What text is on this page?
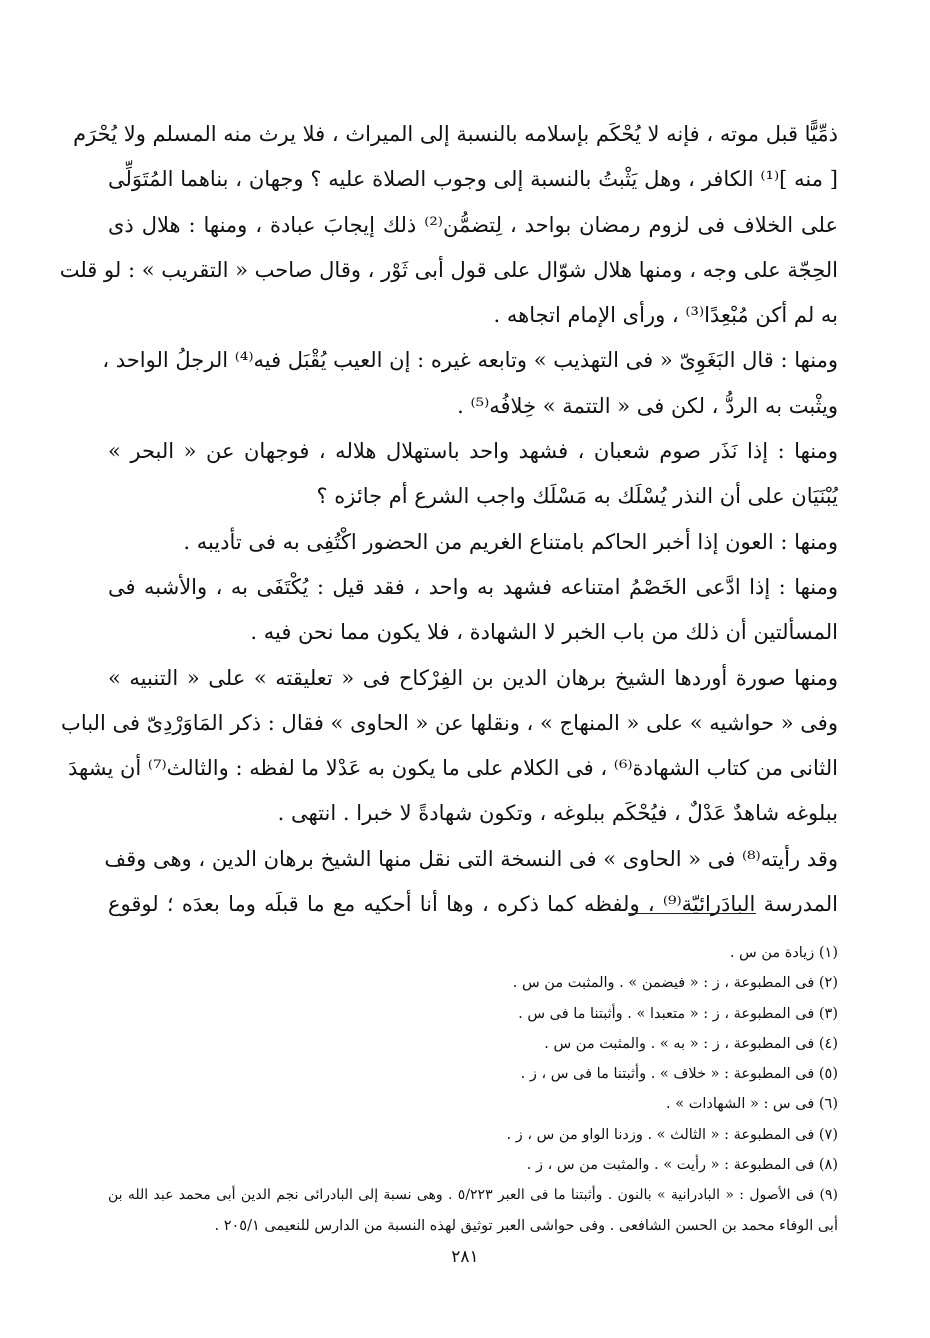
ذمِّيًّا قبل موته ، فإنه لا يُحْكَم بإسلامه بالنسبة إلى الميراث ، فلا يرث منه المسلم ولا يُحْرَم
[ منه ]⁽¹⁾ الكافر ، وهل يَثْبتُ بالنسبة إلى وجوب الصلاة عليه ؟ وجهان ، بناهما المُتَوَلِّى
على الخلاف فى لزوم رمضان بواحد ، لِتضمُّن⁽²⁾ ذلك إيجابَ عبادة ، ومنها : هلال ذى
الحِجّة على وجه ، ومنها هلال شوّال على قول أبى ثَوْر ، وقال صاحب « التقريب » : لو قلت
به لم أكن مُبْعِدًا⁽³⁾ ، ورأى الإمام اتجاهه .
ومنها : قال البَغَوِىّ « فى التهذيب » وتابعه غيره : إن العيب يُقْبَل فيه⁽⁴⁾ الرجلُ الواحد ،
ويثْبت به الردُّ ، لكن فى « التتمة » خِلافُه⁽⁵⁾ .
ومنها : إذا نَذَر صوم شعبان ، فشهد واحد باستهلال هلاله ، فوجهان عن « البحر »
يُبْنَيَان على أن النذر يُسْلَك به مَسْلَك واجب الشرع أم جائزه ؟
ومنها : العون إذا أخبر الحاكم بامتناع الغريم من الحضور اكْتُفِى به فى تأديبه .
ومنها : إذا ادَّعى الخَصْمُ امتناعه فشهد به واحد ، فقد قيل : يُكْتَفَى به ، والأشبه فى
المسألتين أن ذلك من باب الخبر لا الشهادة ، فلا يكون مما نحن فيه .
ومنها صورة أوردها الشيخ برهان الدين بن الفِرْكاح فى « تعليقته » على « التنبيه »
وفى « حواشيه » على « المنهاج » ، ونقلها عن « الحاوى » فقال : ذكر المَاوَرْدِىّ فى الباب
الثانى من كتاب الشهادة⁽⁶⁾ ، فى الكلام على ما يكون به عَدْلا ما لفظه : والثالث⁽⁷⁾ أن يشهدَ
ببلوغه شاهدٌ عَدْلٌ ، فيُحْكَم ببلوغه ، وتكون شهادةً لا خبرا . انتهى .
وقد رأيته⁽⁸⁾ فى « الحاوى » فى النسخة التى نقل منها الشيخ برهان الدين ، وهى وقف
المدرسة البادَرائيّة⁽⁹⁾ ، ولفظه كما ذكره ، وها أنا أحكيه مع ما قبلَه وما بعدَه ؛ لوقوع
(١) زيادة من س .
(٢) فى المطبوعة ، ز : « فيضمن » . والمثبت من س .
(٣) فى المطبوعة ، ز : « متعبدا » . وأثبتنا ما فى س .
(٤) فى المطبوعة ، ز : « به » . والمثبت من س .
(٥) فى المطبوعة : « خلاف » . وأثبتنا ما فى س ، ز .
(٦) فى س : « الشهادات » .
(٧) فى المطبوعة : « الثالث » . وزدنا الواو من س ، ز .
(٨) فى المطبوعة : « رأيت » . والمثبت من س ، ز .
(٩) فى الأصول : « البادرانية » بالنون . وأثبتنا ما فى العبر ٥/٢٢٣ . وهى نسبة إلى البادرائى نجم الدين أبى محمد عبد الله بن
أبى الوفاء محمد بن الحسن الشافعى . وفى حواشى العبر توثيق لهذه النسبة من الدارس للنعيمى ٢٠٥/١ .
٢٨١
